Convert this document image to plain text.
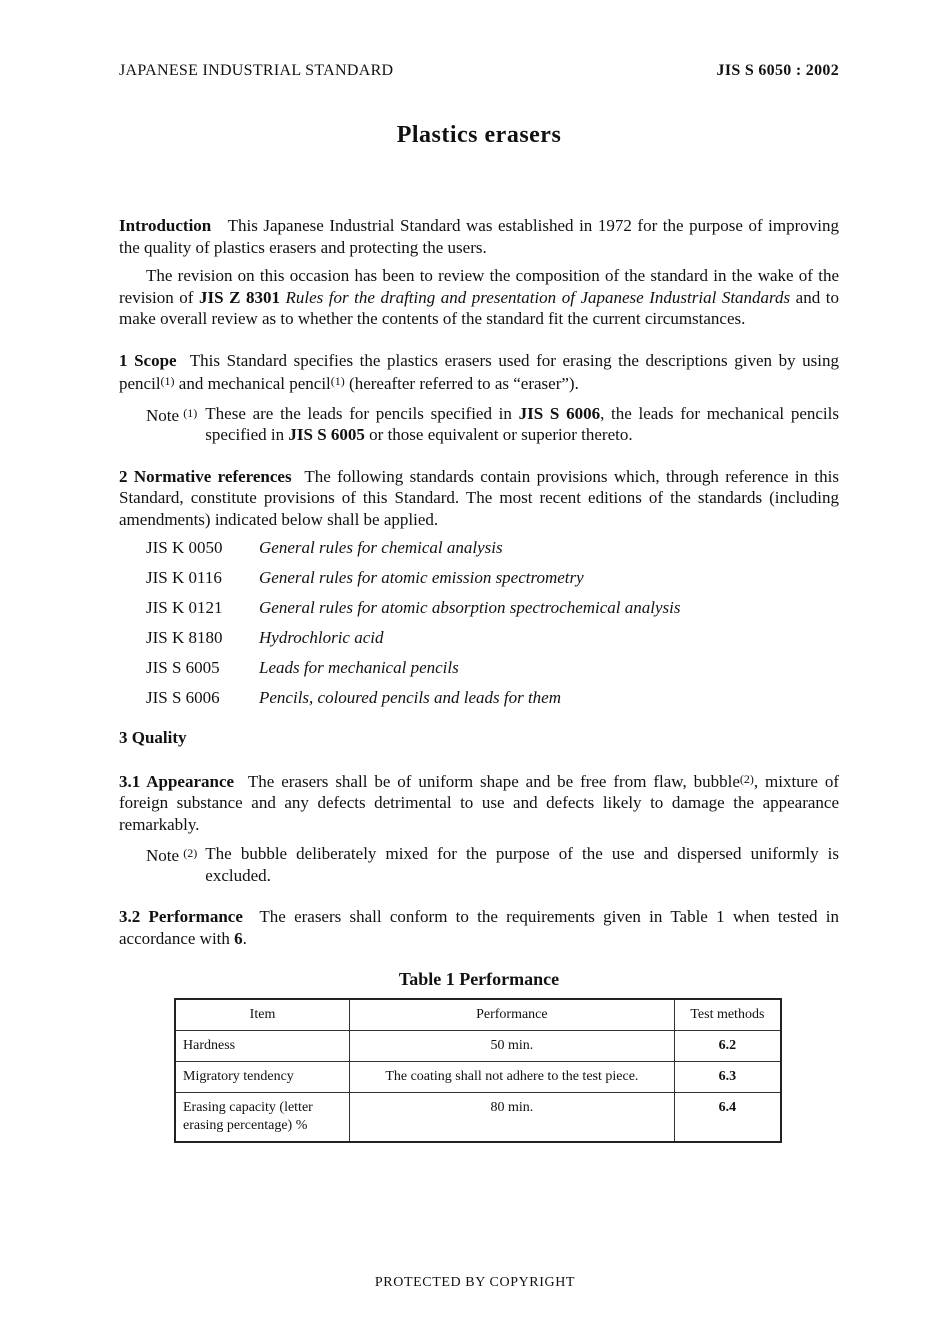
JAPANESE INDUSTRIAL STANDARD	JIS S 6050 : 2002
Plastics erasers

Introduction This Japanese Industrial Standard was established in 1972 for the purpose of improving the quality of plastics erasers and protecting the users.

The revision on this occasion has been to review the composition of the standard in the wake of the revision of JIS Z 8301 Rules for the drafting and presentation of Japanese Industrial Standards and to make overall review as to whether the contents of the standard fit the current circumstances.

1 Scope This Standard specifies the plastics erasers used for erasing the descriptions given by using pencil$^{(1)}$ and mechanical pencil$^{(1)}$ (hereafter referred to as “eraser”).

Note $^{(1)}$ These are the leads for pencils specified in JIS S 6006, the leads for mechanical pencils specified in JIS S 6005 or those equivalent or superior thereto.

2 Normative references The following standards contain provisions which, through reference in this Standard, constitute provisions of this Standard. The most recent editions of the standards (including amendments) indicated below shall be applied.

JIS K 0050	General rules for chemical analysis
JIS K 0116	General rules for atomic emission spectrometry
JIS K 0121	General rules for atomic absorption spectrochemical analysis
JIS K 8180	Hydrochloric acid
JIS S 6005	Leads for mechanical pencils
JIS S 6006	Pencils, coloured pencils and leads for them
3 Quality

3.1 Appearance The erasers shall be of uniform shape and be free from flaw, bubble$^{(2)}$, mixture of foreign substance and any defects detrimental to use and defects likely to damage the appearance remarkably.

Note $^{(2)}$ The bubble deliberately mixed for the purpose of the use and dispersed uniformly is excluded.

3.2 Performance The erasers shall conform to the requirements given in Table 1 when tested in accordance with 6.

Table 1 Performance
Item	Performance	Test methods
Hardness	50 min.	6.2
Migratory tendency	The coating shall not adhere to the test piece.	6.3
Erasing capacity (letter erasing percentage) %	80 min.	6.4
PROTECTED BY COPYRIGHT
